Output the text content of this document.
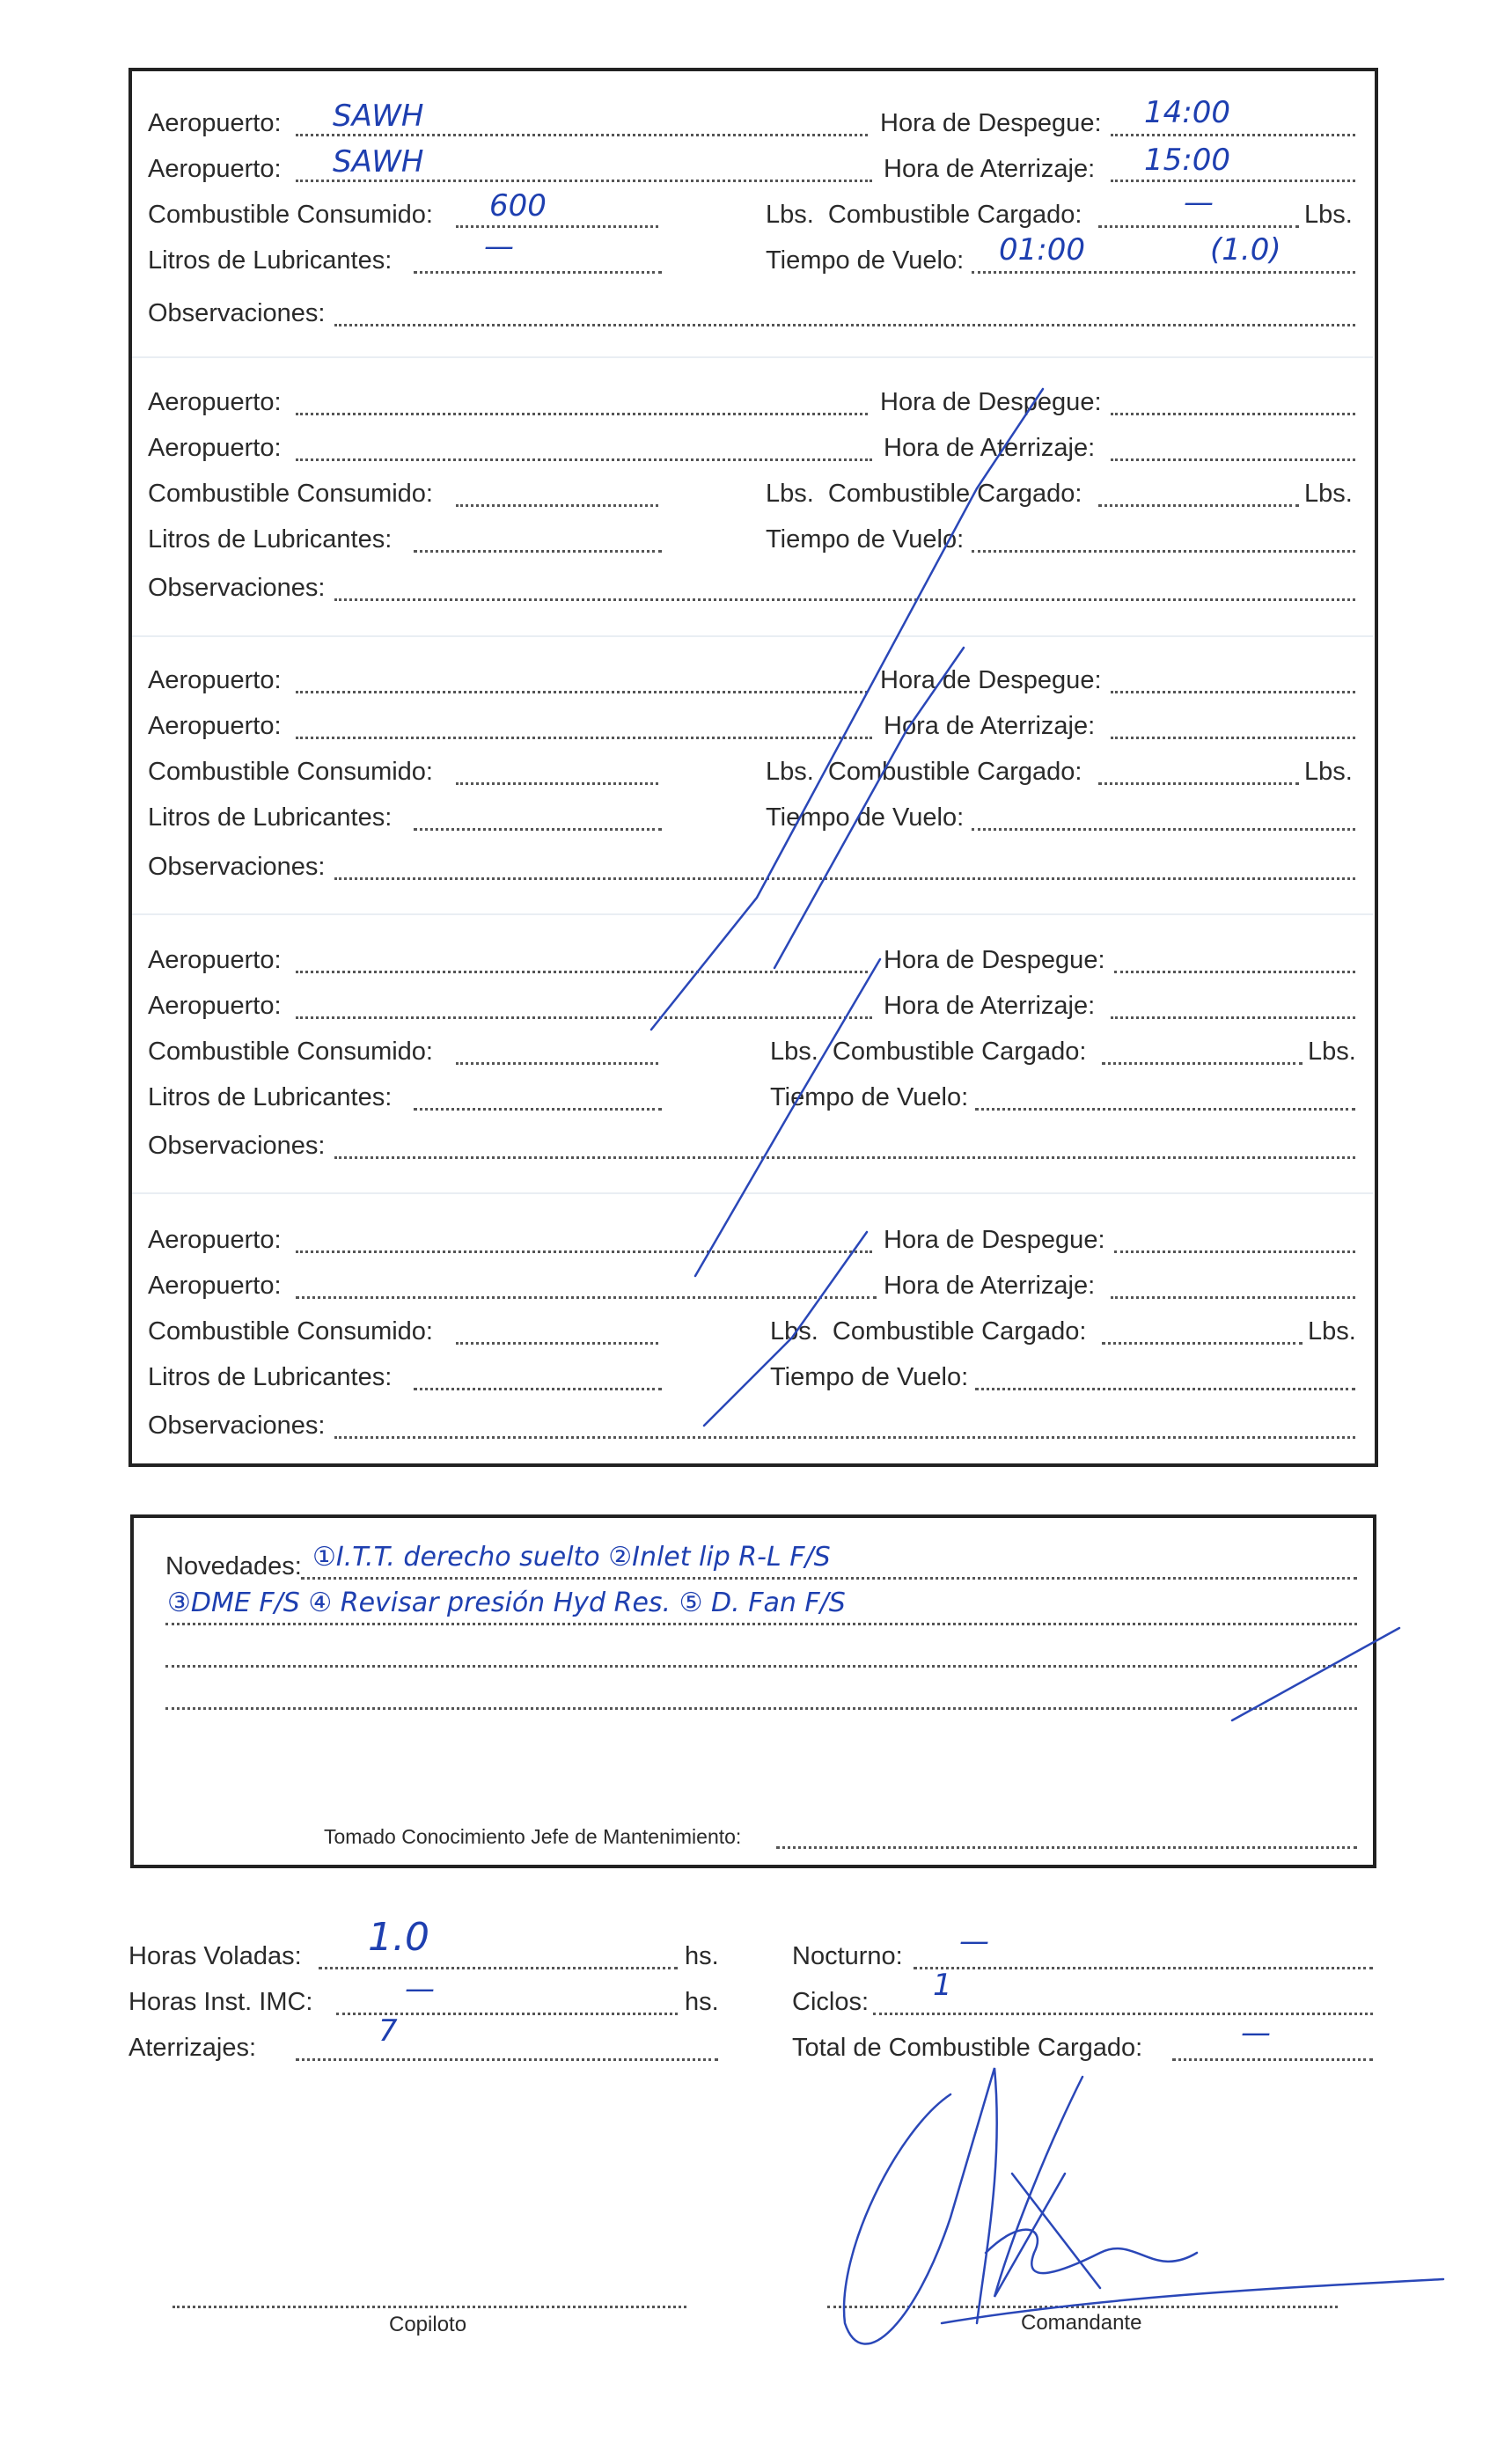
Aeropuerto: SAWH	Hora de Despegue: 14:00
Aeropuerto: SAWH	Hora de Aterrizaje: 15:00
Combustible Consumido: 600	Lbs. Combustible Cargado:	—	Lbs.
Litros de Lubricantes:	—	Tiempo de Vuelo: 01:00	(1.0)
Observaciones:
Aeropuerto:	Hora de Despegue:
Aeropuerto:	Hora de Aterrizaje:
Combustible Consumido:	Lbs. Combustible Cargado:	Lbs.
Litros de Lubricantes:	Tiempo de Vuelo:
Observaciones:
Aeropuerto:	Hora de Despegue:
Aeropuerto:	Hora de Aterrizaje:
Combustible Consumido:	Lbs. Combustible Cargado:	Lbs.
Litros de Lubricantes:	Tiempo de Vuelo:
Observaciones:
Aeropuerto:	Hora de Despegue:
Aeropuerto:	Hora de Aterrizaje:
Combustible Consumido:	Lbs. Combustible Cargado:	Lbs.
Litros de Lubricantes:	Tiempo de Vuelo:
Observaciones:
Aeropuerto:	Hora de Despegue:
Aeropuerto:	Hora de Aterrizaje:
Combustible Consumido:	Lbs. Combustible Cargado:	Lbs.
Litros de Lubricantes:	Tiempo de Vuelo:
Observaciones:
Novedades: ①I.T.T. derecho suelto ②Inlet lip R-L F/S
③DME F/S ④ Revisar presión Hyd Res. ⑤ D. Fan F/S
Tomado Conocimiento Jefe de Mantenimiento:
Horas Voladas: 1.0	hs.
Horas Inst. IMC:	—	hs.
Aterrizajes:	7
Nocturno: —
Ciclos: 1
Total de Combustible Cargado:	—
Copiloto	Comandante
